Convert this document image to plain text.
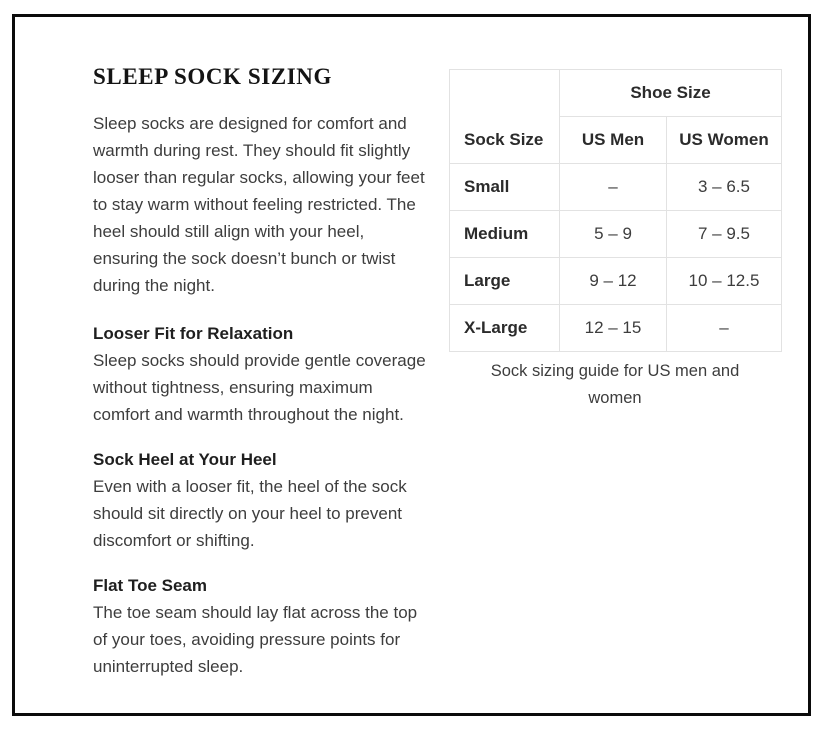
SLEEP SOCK SIZING

Sleep socks are designed for comfort and warmth during rest. They should fit slightly looser than regular socks, allowing your feet to stay warm without feeling restricted. The heel should still align with your heel, ensuring the sock doesn’t bunch or twist during the night.

Looser Fit for Relaxation

Sleep socks should provide gentle coverage without tightness, ensuring maximum comfort and warmth throughout the night.

Sock Heel at Your Heel

Even with a looser fit, the heel of the sock should sit directly on your heel to prevent discomfort or shifting.

Flat Toe Seam

The toe seam should lay flat across the top of your toes, avoiding pressure points for uninterrupted sleep.

Sock Size	Shoe Size	
	US Men	US Women
Small	–	3 – 6.5
Medium	5 – 9	7 – 9.5
Large	9 – 12	10 – 12.5
X-Large	12 – 15	–
Sock sizing guide for US men and women
